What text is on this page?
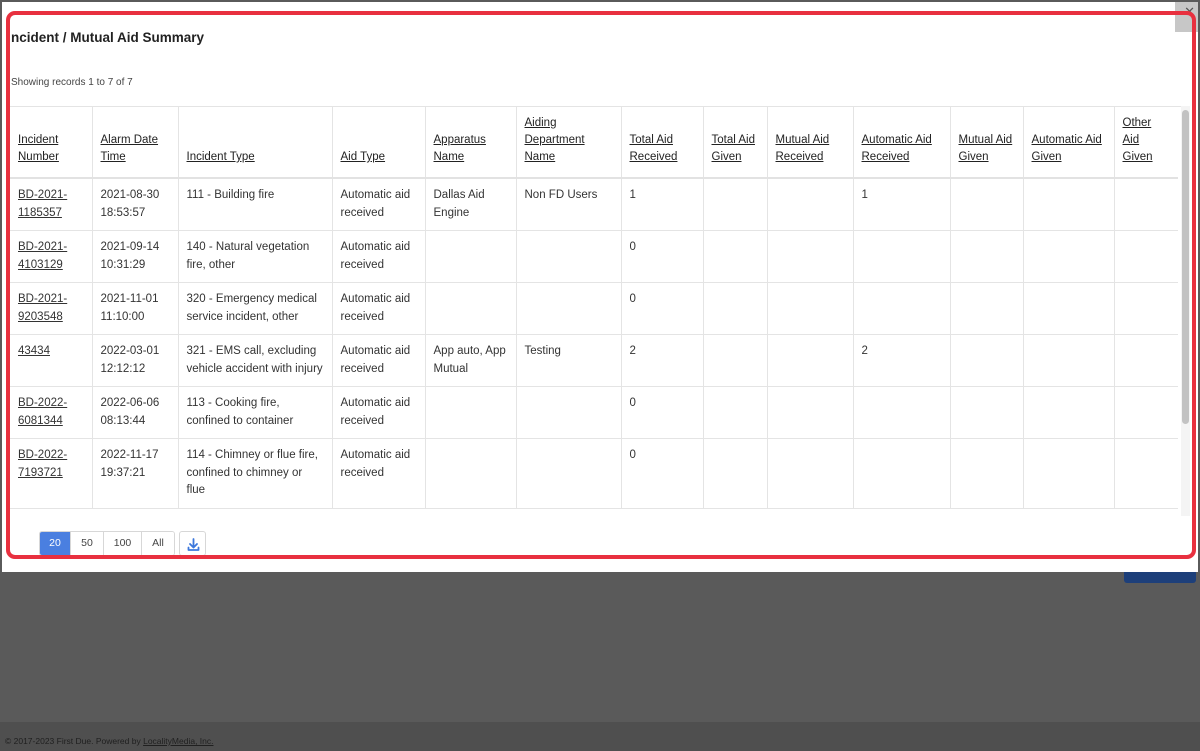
ncident / Mutual Aid Summary
Showing records 1 to 7 of 7
✕
Incident Number	Alarm Date Time	Incident Type	Aid Type	Apparatus Name	Aiding Department Name	Total Aid Received	Total Aid Given	Mutual Aid Received	Automatic Aid Received	Mutual Aid Given	Automatic Aid Given	Other Aid Given
BD-2021-1185357	2021-08-30 18:53:57	111 - Building fire	Automatic aid received	Dallas Aid Engine	Non FD Users	1			1			
BD-2021-4103129	2021-09-14 10:31:29	140 - Natural vegetation fire, other	Automatic aid received			0						
BD-2021-9203548	2021-11-01 11:10:00	320 - Emergency medical service incident, other	Automatic aid received			0						
43434	2022-03-01 12:12:12	321 - EMS call, excluding vehicle accident with injury	Automatic aid received	App auto, App Mutual	Testing	2			2			
BD-2022-6081344	2022-06-06 08:13:44	113 - Cooking fire, confined to container	Automatic aid received			0						
BD-2022-7193721	2022-11-17 19:37:21	114 - Chimney or flue fire, confined to chimney or flue	Automatic aid received			0						
20	50	100	All
© 2017-2023 First Due. Powered by LocalityMedia, Inc.
